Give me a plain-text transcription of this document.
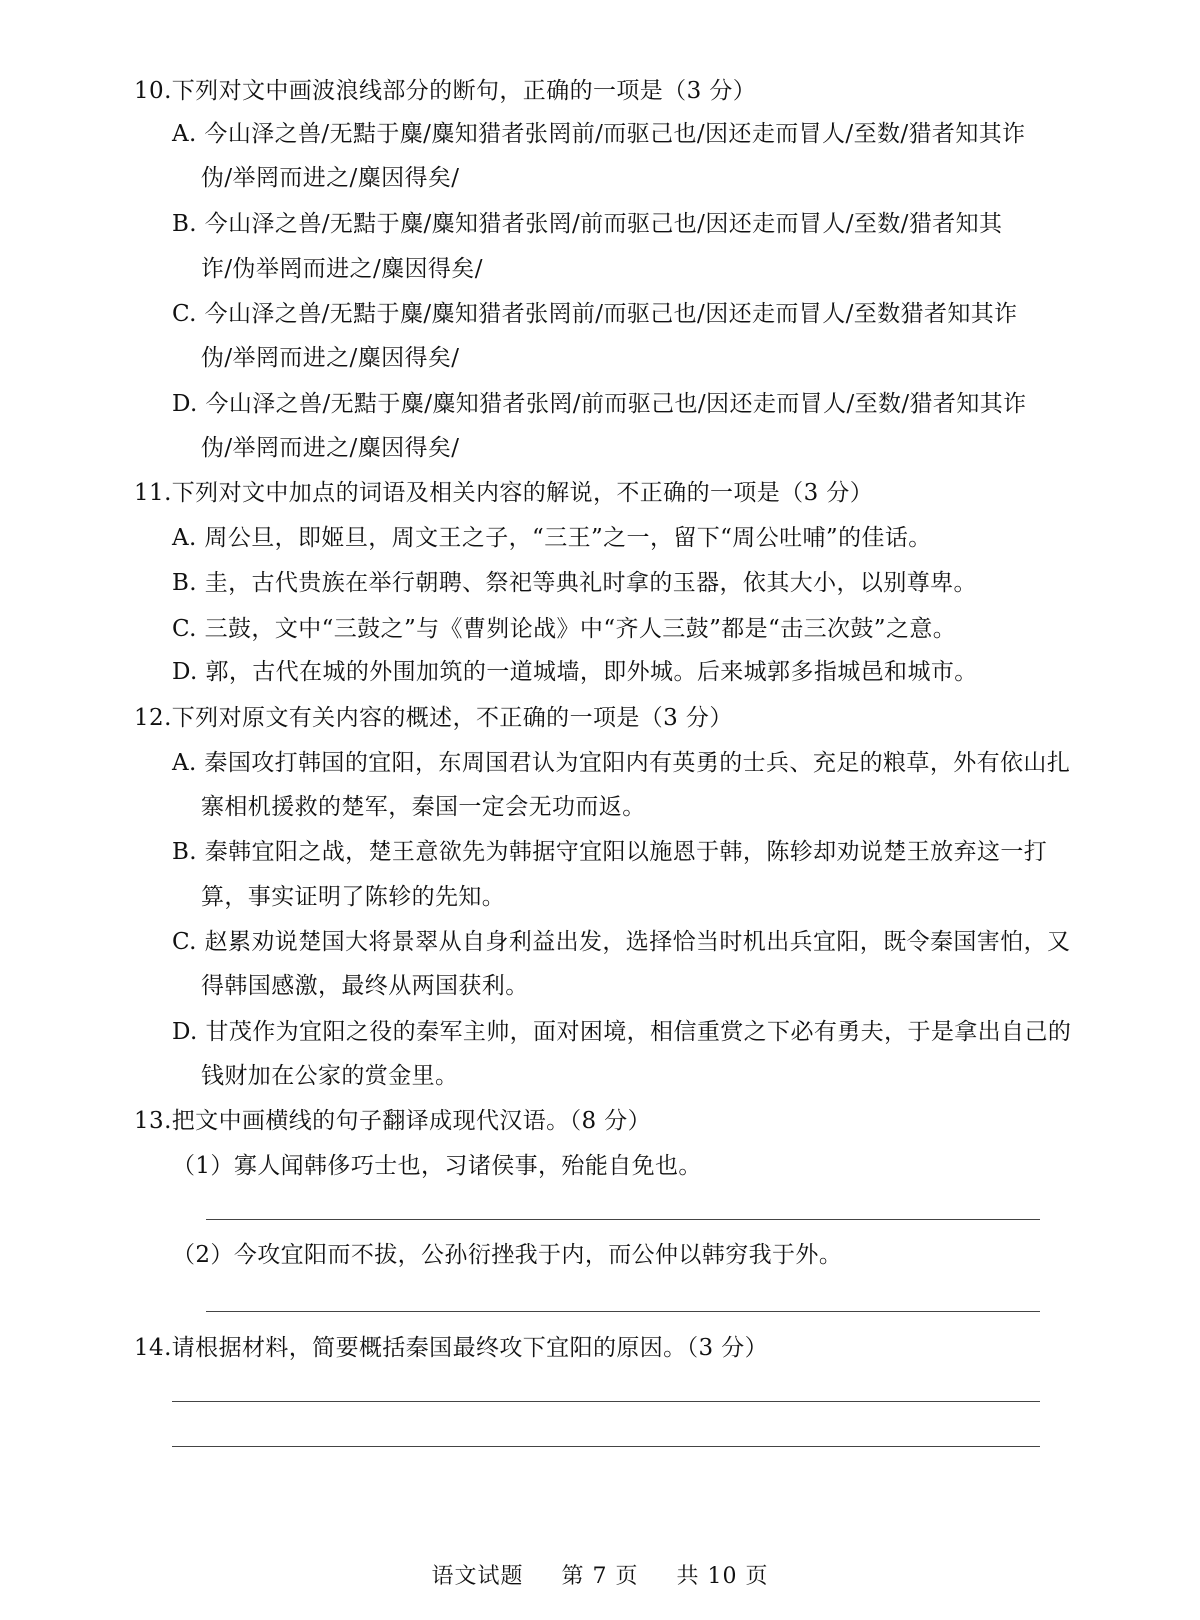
10.下列对文中画波浪线部分的断句，正确的一项是（3 分）
A. 今山泽之兽/无黠于麋/麋知猎者张罔前/而驱己也/因还走而冒人/至数/猎者知其诈
伪/举罔而进之/麋因得矣/
B. 今山泽之兽/无黠于麋/麋知猎者张罔/前而驱己也/因还走而冒人/至数/猎者知其
诈/伪举罔而进之/麋因得矣/
C. 今山泽之兽/无黠于麋/麋知猎者张罔前/而驱己也/因还走而冒人/至数猎者知其诈
伪/举罔而进之/麋因得矣/
D. 今山泽之兽/无黠于麋/麋知猎者张罔/前而驱己也/因还走而冒人/至数/猎者知其诈
伪/举罔而进之/麋因得矣/
11.下列对文中加点的词语及相关内容的解说，不正确的一项是（3 分）
A. 周公旦，即姬旦，周文王之子，“三王”之一，留下“周公吐哺”的佳话。
B. 圭，古代贵族在举行朝聘、祭祀等典礼时拿的玉器，依其大小，以别尊卑。
C. 三鼓，文中“三鼓之”与《曹刿论战》中“齐人三鼓”都是“击三次鼓”之意。
D. 郭，古代在城的外围加筑的一道城墙，即外城。后来城郭多指城邑和城市。
12.下列对原文有关内容的概述，不正确的一项是（3 分）
A. 秦国攻打韩国的宜阳，东周国君认为宜阳内有英勇的士兵、充足的粮草，外有依山扎
寨相机援救的楚军，秦国一定会无功而返。
B. 秦韩宜阳之战，楚王意欲先为韩据守宜阳以施恩于韩，陈轸却劝说楚王放弃这一打
算，事实证明了陈轸的先知。
C. 赵累劝说楚国大将景翠从自身利益出发，选择恰当时机出兵宜阳，既令秦国害怕，又
得韩国感激，最终从两国获利。
D. 甘茂作为宜阳之役的秦军主帅，面对困境，相信重赏之下必有勇夫，于是拿出自己的
钱财加在公家的赏金里。
13.把文中画横线的句子翻译成现代汉语。（8 分）
（1）寡人闻韩侈巧士也，习诸侯事，殆能自免也。
（2）今攻宜阳而不拔，公孙衍挫我于内，而公仲以韩穷我于外。
14.请根据材料，简要概括秦国最终攻下宜阳的原因。（3 分）
语文试题 第 7 页 共 10 页
